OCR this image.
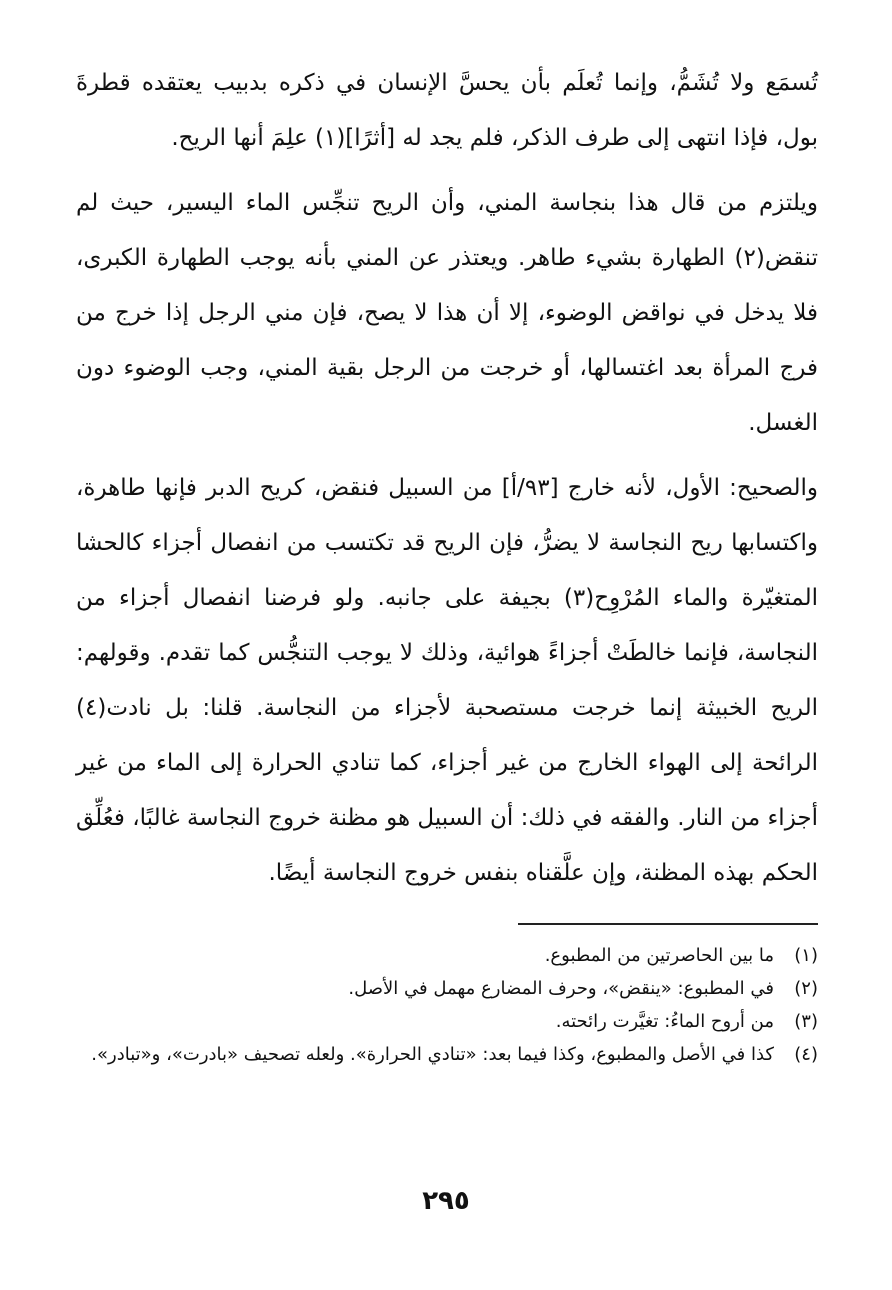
تُسمَع ولا تُشَمُّ، وإنما تُعلَم بأن يحسَّ الإنسان في ذكره بدبيب يعتقده قطرةَ بول، فإذا انتهى إلى طرف الذكر، فلم يجد له [أثرًا](١) علِمَ أنها الريح.

ويلتزم من قال هذا بنجاسة المني، وأن الريح تنجِّس الماء اليسير، حيث لم تنقض(٢) الطهارة بشيء طاهر. ويعتذر عن المني بأنه يوجب الطهارة الكبرى، فلا يدخل في نواقض الوضوء، إلا أن هذا لا يصح، فإن مني الرجل إذا خرج من فرج المرأة بعد اغتسالها، أو خرجت من الرجل بقية المني، وجب الوضوء دون الغسل.

والصحيح: الأول، لأنه خارج [٩٣/أ] من السبيل فنقض، كريح الدبر فإنها طاهرة، واكتسابها ريح النجاسة لا يضرُّ، فإن الريح قد تكتسب من انفصال أجزاء كالحشا المتغيّرة والماء المُرْوِح(٣) بجيفة على جانبه. ولو فرضنا انفصال أجزاء من النجاسة، فإنما خالطَتْ أجزاءً هوائية، وذلك لا يوجب التنجُّس كما تقدم. وقولهم: الريح الخبيثة إنما خرجت مستصحبة لأجزاء من النجاسة. قلنا: بل نادت(٤) الرائحة إلى الهواء الخارج من غير أجزاء، كما تنادي الحرارة إلى الماء من غير أجزاء من النار. والفقه في ذلك: أن السبيل هو مظنة خروج النجاسة غالبًا، فعُلِّق الحكم بهذه المظنة، وإن علَّقناه بنفس خروج النجاسة أيضًا.

(١)
ما بين الحاصرتين من المطبوع.
(٢)
في المطبوع: «ينقض»، وحرف المضارع مهمل في الأصل.
(٣)
من أروح الماءُ: تغيَّرت رائحته.
(٤)
كذا في الأصل والمطبوع، وكذا فيما بعد: «تنادي الحرارة». ولعله تصحيف «بادرت»، و«تبادر».
٢٩٥
